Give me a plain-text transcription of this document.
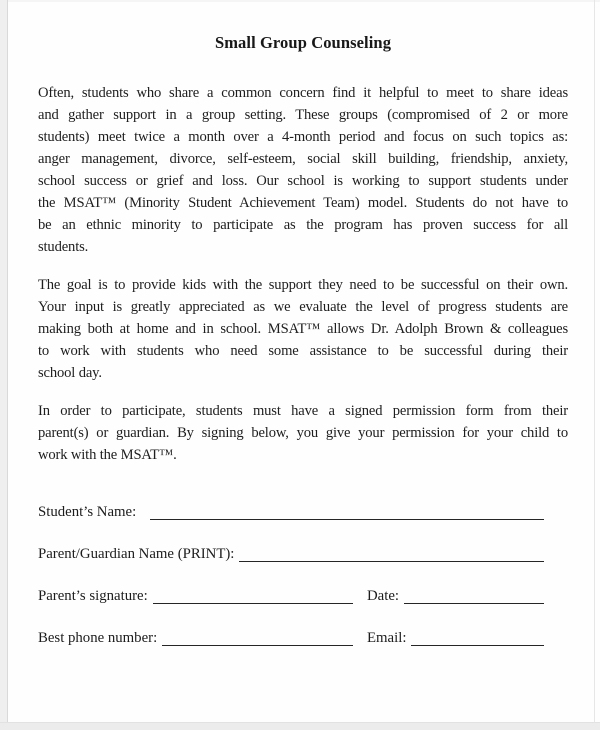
Small Group Counseling
Often, students who share a common concern find it helpful to meet to share ideas
and gather support in a group setting. These groups (compromised of 2 or more
students) meet twice a month over a 4-month period and focus on such topics as:
anger management, divorce, self-esteem, social skill building, friendship, anxiety,
school success or grief and loss. Our school is working to support students under
the MSAT™ (Minority Student Achievement Team) model. Students do not have to
be an ethnic minority to participate as the program has proven success for all
students.
The goal is to provide kids with the support they need to be successful on their own.
Your input is greatly appreciated as we evaluate the level of progress students are
making both at home and in school. MSAT™ allows Dr. Adolph Brown & colleagues
to work with students who need some assistance to be successful during their
school day.
In order to participate, students must have a signed permission form from their
parent(s) or guardian. By signing below, you give your permission for your child to
work with the MSAT™.
Student’s Name:
Parent/Guardian Name (PRINT):
Parent’s signature:	Date:
Best phone number:	Email:
